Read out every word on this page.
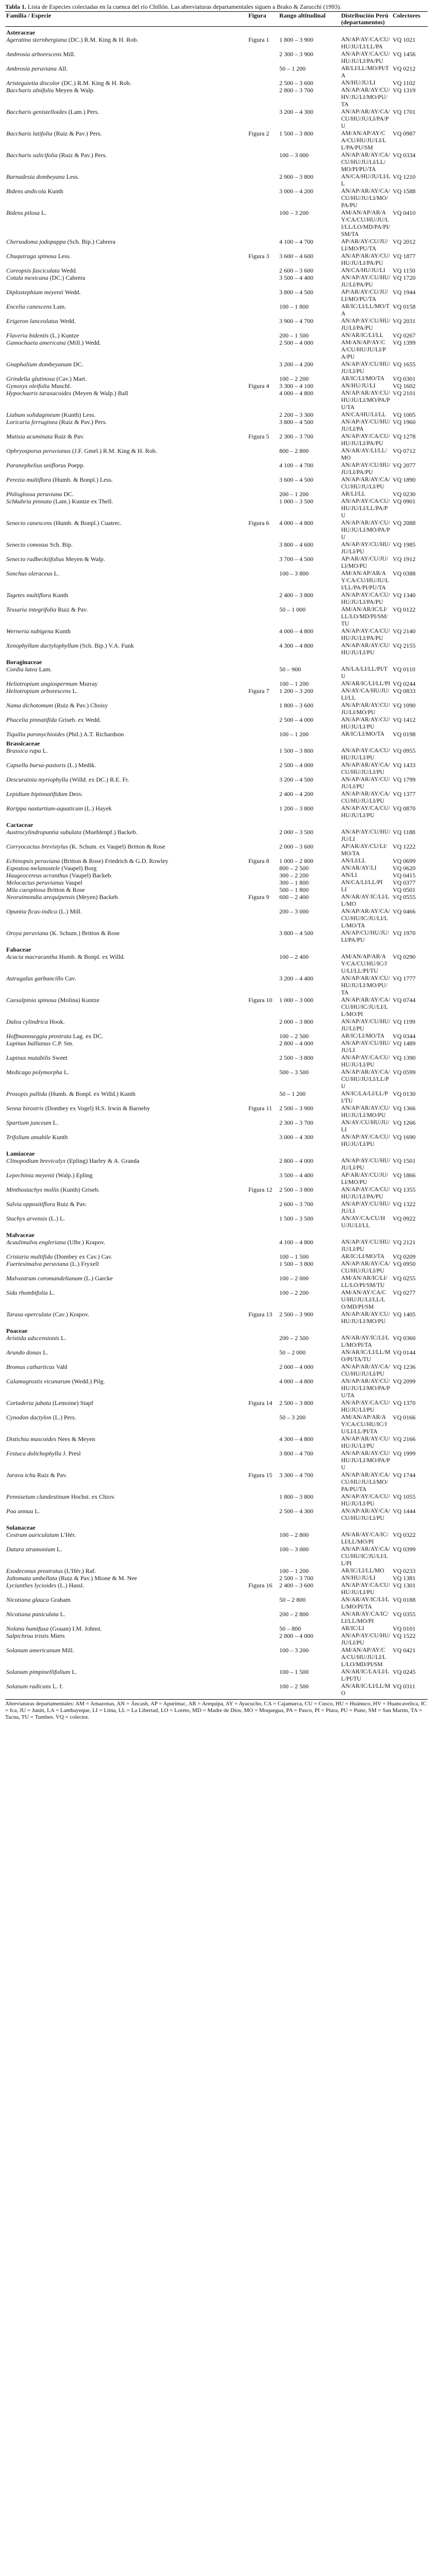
Tabla 1. Lista de Especies colectadas en la cuenca del río Chillón. Las abreviaturas departamentales siguen a Brako & Zarucchi (1993).

Familia / Especie	Figura	Rango altitudinal	Distribución Perú (departamentos)	Colectores
Asteraceae				
Ageratina sternbergiana (DC.) R.M. King & H. Rob.	Figura 1	1 800 – 3 900	AN/AP/AY/CA/CU/HU/JU/LI/LL/PA	VQ 1021
Ambrosia arborescens Mill.		2 300 – 3 900	AN/AP/AY/CA/CU/HU/JU/LI/PA/PU	VQ 1456
Ambrosia peruviana All.		50 – 1 200	AR/LI/LL/MO/PI/TA	VQ 0212
Aristeguietia discolor (DC.) R.M. King & H. Rob.		2 500 – 3 600	AN/HU/JU/LI	VQ 1102
Baccharis alnifolia Meyen & Walp.		2 800 – 3 700	AN/AP/AR/AY/CU/HV/JU/LI/MO/PU/TA	VQ 1319
Baccharis genistelloides (Lam.) Pers.		3 200 – 4 300	AN/AP/AR/AY/CA/CU/HU/JU/LI/PA/PU	VQ 1701
Baccharis latifolia (Ruiz & Pav.) Pers.	Figura 2	1 500 – 3 800	AM/AN/AP/AY/CA/CU/HU/JU/LI/LL/PA/PU/SM	VQ 0987
Baccharis salicifolia (Ruiz & Pav.) Pers.		100 – 3 000	AN/AP/AR/AY/CA/CU/HU/JU/LI/LL/MO/PI/PU/TA	VQ 0334
Barnadesia dombeyana Less.		2 900 – 3 800	AN/CA/HU/JU/LI/LL	VQ 1210
Bidens andicola Kunth		3 000 – 4 200	AN/AP/AR/AY/CA/CU/HU/JU/LI/MO/PA/PU	VQ 1588
Bidens pilosa L.		100 – 3 200	AM/AN/AP/AR/AY/CA/CU/HU/JU/LI/LL/LO/MD/PA/PI/SM/TA	VQ 0410
Chersodoma jodopappa (Sch. Bip.) Cabrera		4 100 – 4 700	AP/AR/AY/CU/JU/LI/MO/PU/TA	VQ 2012
Chuquiraga spinosa Less.	Figura 3	3 600 – 4 600	AN/AP/AR/AY/CU/HU/JU/LI/PA/PU	VQ 1877
Coreopsis fasciculata Wedd.		2 600 – 3 600	AN/CA/HU/JU/LI	VQ 1150
Cotula mexicana (DC.) Cabrera		3 500 – 4 400	AN/AP/AY/CU/HU/JU/LI/PA/PU	VQ 1720
Diplostephium meyenii Wedd.		3 800 – 4 500	AP/AR/AY/CU/JU/LI/MO/PU/TA	VQ 1944
Encelia canescens Lam.		100 – 1 800	AR/IC/LI/LL/MO/TA	VQ 0158
Erigeron lanceolatus Wedd.		3 900 – 4 700	AN/AP/AY/CU/HU/JU/LI/PA/PU	VQ 2031
Flaveria bidentis (L.) Kuntze		200 – 1 500	AN/AR/IC/LI/LL	VQ 0267
Gamochaeta americana (Mill.) Wedd.		2 500 – 4 000	AM/AN/AP/AY/CA/CU/HU/JU/LI/PA/PU	VQ 1399
Gnaphalium dombeyanum DC.		3 200 – 4 200	AN/AP/AY/CU/HU/JU/LI/PU	VQ 1655
Grindelia glutinosa (Cav.) Mart.		100 – 2 200	AR/IC/LI/MO/TA	VQ 0301
Gynoxys oleifolia Muschl.	Figura 4	3 300 – 4 100	AN/HU/JU/LI	VQ 1602
Hypochaeris taraxacoides (Meyen & Walp.) Ball		4 000 – 4 800	AN/AP/AR/AY/CU/HU/JU/LI/MO/PA/PU/TA	VQ 2101
Liabum solidagineum (Kunth) Less.		2 200 – 3 300	AN/CA/HU/LI/LL	VQ 1005
Loricaria ferruginea (Ruiz & Pav.) Pers.		3 800 – 4 500	AN/AP/AY/CU/HU/JU/LI/PA	VQ 1960
Mutisia acuminata Ruiz & Pav.	Figura 5	2 300 – 3 700	AN/AP/AY/CA/CU/HU/JU/LI/PA/PU	VQ 1278
Ophryosporus peruvianus (J.F. Gmel.) R.M. King & H. Rob.		800 – 2 800	AN/AR/AY/LI/LL/MO	VQ 0712
Paranephelius uniflorus Poepp.		4 100 – 4 700	AN/AP/AY/CU/HU/JU/LI/PA/PU	VQ 2077
Perezia multiflora (Humb. & Bonpl.) Less.		3 600 – 4 500	AN/AP/AR/AY/CA/CU/HU/JU/LI/PU	VQ 1890
Philoglossa peruviana DC.		200 – 1 200	AR/LI/LL	VQ 0230
Schkuhria pinnata (Lam.) Kuntze ex Thell.		1 000 – 3 500	AN/AP/AY/CA/CU/HU/JU/LI/LL/PA/PU	VQ 0901
Senecio canescens (Humb. & Bonpl.) Cuatrec.	Figura 6	4 000 – 4 800	AN/AP/AR/AY/CU/HU/JU/LI/MO/PA/PU	VQ 2088
Senecio comosus Sch. Bip.		3 800 – 4 600	AN/AP/AY/CU/HU/JU/LI/PU	VQ 1985
Senecio rudbeckiifolius Meyen & Walp.		3 700 – 4 500	AP/AR/AY/CU/JU/LI/MO/PU	VQ 1912
Sonchus oleraceus L.		100 – 3 800	AM/AN/AP/AR/AY/CA/CU/HU/JU/LI/LL/PA/PI/PU/TA	VQ 0388
Tagetes multiflora Kunth		2 400 – 3 800	AN/AP/AY/CA/CU/HU/JU/LI/PA/PU	VQ 1340
Tessaria integrifolia Ruiz & Pav.		50 – 1 000	AM/AN/AR/IC/LI/LL/LO/MD/PI/SM/TU	VQ 0122
Werneria nubigena Kunth		4 000 – 4 800	AN/AP/AY/CA/CU/HU/JU/LI/PA/PU	VQ 2140
Xenophyllum dactylophyllum (Sch. Bip.) V.A. Funk		4 300 – 4 800	AN/AP/AR/AY/CU/HU/JU/LI/PU	VQ 2155
Boraginaceae				
Cordia lutea Lam.		50 – 900	AN/LA/LI/LL/PI/TU	VQ 0110
Heliotropium angiospermum Murray		100 – 1 200	AN/AR/IC/LI/LL/PI	VQ 0244
Heliotropium arborescens L.	Figura 7	1 200 – 3 200	AN/AY/CA/HU/JU/LI/LL	VQ 0833
Nama dichotomum (Ruiz & Pav.) Choisy		1 800 – 3 600	AN/AP/AR/AY/CU/JU/LI/MO/PU	VQ 1090
Phacelia pinnatifida Griseb. ex Wedd.		2 500 – 4 000	AN/AP/AR/AY/CU/HU/JU/LI/PU	VQ 1412
Tiquilia paronychioides (Phil.) A.T. Richardson		100 – 1 200	AR/IC/LI/MO/TA	VQ 0198
Brassicaceae				
Brassica rapa L.		1 500 – 3 800	AN/AP/AY/CA/CU/HU/JU/LI/PU	VQ 0955
Capsella bursa-pastoris (L.) Medik.		2 500 – 4 000	AN/AP/AR/AY/CA/CU/HU/JU/LI/PU	VQ 1433
Descurainia myriophylla (Willd. ex DC.) R.E. Fr.		3 200 – 4 500	AN/AP/AR/AY/CU/JU/LI/PU	VQ 1799
Lepidium bipinnatifidum Desv.		2 400 – 4 200	AN/AP/AR/AY/CA/CU/HU/JU/LI/PU	VQ 1377
Rorippa nasturtium-aquaticum (L.) Hayek		1 200 – 3 800	AN/AP/AY/CA/CU/HU/JU/LI/PU	VQ 0870
Cactaceae				
Austrocylindropuntia subulata (Muehlenpf.) Backeb.		2 000 – 3 500	AN/AP/AY/CU/HU/JU/LI	VQ 1188
Corryocactus brevistylus (K. Schum. ex Vaupel) Britton & Rose		2 000 – 3 600	AP/AR/AY/CU/LI/MO/TA	VQ 1222
Echinopsis peruviana (Britton & Rose) Friedrich & G.D. Rowley	Figura 8	1 000 – 2 800	AN/LI/LL	VQ 0699
Espostoa melanostele (Vaupel) Borg		800 – 2 500	AN/AR/AY/LI	VQ 0620
Haageocereus acranthus (Vaupel) Backeb.		300 – 2 200	AN/LI	VQ 0415
Melocactus peruvianus Vaupel		300 – 1 800	AN/CA/LI/LL/PI	VQ 0377
Mila caespitosa Britton & Rose		500 – 1 800	LI	VQ 0501
Neoraimondia arequipensis (Meyen) Backeb.	Figura 9	600 – 2 400	AN/AR/AY/IC/LI/LL/MO	VQ 0555
Opuntia ficus-indica (L.) Mill.		200 – 3 000	AN/AP/AR/AY/CA/CU/HU/IC/JU/LI/LL/MO/TA	VQ 0466
Oroya peruviana (K. Schum.) Britton & Rose		3 800 – 4 500	AN/AP/CU/HU/JU/LI/PA/PU	VQ 1970
Fabaceae				
Acacia macracantha Humb. & Bonpl. ex Willd.		100 – 2 400	AM/AN/AP/AR/AY/CA/CU/HU/IC/JU/LI/LL/PI/TU	VQ 0290
Astragalus garbancillo Cav.		3 200 – 4 400	AN/AP/AR/AY/CU/HU/JU/LI/MO/PU/TA	VQ 1777
Caesalpinia spinosa (Molina) Kuntze	Figura 10	1 000 – 3 000	AN/AP/AR/AY/CA/CU/HU/IC/JU/LI/LL/MO/PI	VQ 0744
Dalea cylindrica Hook.		2 000 – 3 800	AN/AP/AY/CU/HU/JU/LI/PU	VQ 1199
Hoffmannseggia prostrata Lag. ex DC.		100 – 2 500	AR/IC/LI/MO/TA	VQ 0344
Lupinus ballianus C.P. Sm.		2 800 – 4 000	AN/AP/AY/CU/HU/JU/LI	VQ 1489
Lupinus mutabilis Sweet		2 500 – 3 800	AN/AP/AY/CA/CU/HU/JU/LI/PU	VQ 1390
Medicago polymorpha L.		500 – 3 500	AN/AP/AR/AY/CA/CU/HU/JU/LI/LL/PU	VQ 0599
Prosopis pallida (Humb. & Bonpl. ex Willd.) Kunth		50 – 1 200	AN/IC/LA/LI/LL/PI/TU	VQ 0130
Senna birostris (Dombey ex Vogel) H.S. Irwin & Barneby	Figura 11	2 500 – 3 900	AN/AP/AR/AY/CU/HU/JU/LI/MO/PU	VQ 1366
Spartium junceum L.		2 300 – 3 700	AN/AY/CU/HU/JU/LI	VQ 1266
Trifolium amabile Kunth		3 000 – 4 300	AN/AP/AY/CA/CU/HU/JU/LI/PU	VQ 1690
Lamiaceae				
Clinopodium brevicalyx (Epling) Harley & A. Granda		2 800 – 4 000	AN/AP/AY/CU/HU/JU/LI/PU	VQ 1501
Lepechinia meyenii (Walp.) Epling		3 500 – 4 400	AP/AR/AY/CU/JU/LI/MO/PU	VQ 1866
Minthostachys mollis (Kunth) Griseb.	Figura 12	2 500 – 3 800	AN/AP/AY/CA/CU/HU/JU/LI/PA/PU	VQ 1355
Salvia oppositiflora Ruiz & Pav.		2 600 – 3 700	AN/AP/AY/CU/HU/JU/LI	VQ 1322
Stachys arvensis (L.) L.		1 500 – 3 500	AN/AY/CA/CU/HU/JU/LI/LL	VQ 0922
Malvaceae				
Acaulimalva engleriana (Ulbr.) Krapov.		4 100 – 4 800	AN/AP/AY/CU/HU/JU/LI/PU	VQ 2121
Cristaria multifida (Dombey ex Cav.) Cav.		100 – 1 500	AR/IC/LI/MO/TA	VQ 0209
Fuertesimalva peruviana (L.) Fryxell		1 500 – 3 800	AN/AP/AR/AY/CA/CU/HU/JU/LI/PU	VQ 0950
Malvastrum coromandelianum (L.) Garcke		100 – 2 000	AM/AN/AR/IC/LI/LL/LO/PI/SM/TU	VQ 0255
Sida rhombifolia L.		100 – 2 200	AM/AN/AY/CA/CU/HU/JU/LI/LL/LO/MD/PI/SM	VQ 0277
Tarasa operculata (Cav.) Krapov.	Figura 13	2 500 – 3 900	AN/AP/AR/AY/CU/HU/JU/LI/MO/PU	VQ 1405
Poaceae				
Aristida adscensionis L.		200 – 2 500	AN/AR/AY/IC/LI/LL/MO/PI/TA	VQ 0360
Arundo donax L.		50 – 2 000	AN/AR/IC/LI/LL/MO/PI/TA/TU	VQ 0144
Bromus catharticus Vahl		2 000 – 4 000	AN/AP/AR/AY/CA/CU/HU/JU/LI/PU	VQ 1236
Calamagrostis vicunarum (Wedd.) Pilg.		4 000 – 4 800	AN/AP/AR/AY/CU/HU/JU/LI/MO/PA/PU/TA	VQ 2099
Cortaderia jubata (Lemoine) Stapf	Figura 14	2 500 – 3 800	AN/AP/AY/CA/CU/HU/JU/LI/PU	VQ 1370
Cynodon dactylon (L.) Pers.		50 – 3 200	AM/AN/AP/AR/AY/CA/CU/HU/IC/JU/LI/LL/PI/TA	VQ 0166
Distichia muscoides Nees & Meyen		4 300 – 4 800	AN/AP/AR/AY/CU/HU/JU/LI/PU	VQ 2166
Festuca dolichophylla J. Presl		3 800 – 4 700	AN/AP/AR/AY/CU/HU/JU/LI/MO/PA/PU	VQ 1999
Jarava ichu Ruiz & Pav.	Figura 15	3 300 – 4 700	AN/AP/AR/AY/CA/CU/HU/JU/LI/MO/PA/PU/TA	VQ 1744
Pennisetum clandestinum Hochst. ex Chiov.		1 800 – 3 800	AN/AP/AY/CA/CU/HU/JU/LI/PU	VQ 1055
Poa annua L.		2 500 – 4 300	AN/AP/AR/AY/CA/CU/HU/JU/LI/PU	VQ 1444
Solanaceae				
Cestrum auriculatum L'Hér.		100 – 2 800	AN/AR/AY/CA/IC/LI/LL/MO/PI	VQ 0322
Datura stramonium L.		100 – 3 000	AN/AP/AR/AY/CA/CU/HU/IC/JU/LI/LL/PI	VQ 0399
Exodeconus prostratus (L'Hér.) Raf.		100 – 1 200	AR/IC/LI/LL/MO	VQ 0233
Jaltomata umbellata (Ruiz & Pav.) Mione & M. Nee		2 500 – 3 700	AN/HU/JU/LI	VQ 1381
Lycianthes lycioides (L.) Hassl.	Figura 16	2 400 – 3 600	AN/AP/AY/CA/CU/HU/JU/LI/PU	VQ 1301
Nicotiana glauca Graham		50 – 2 800	AN/AR/AY/IC/LI/LL/MO/PI/TA	VQ 0188
Nicotiana paniculata L.		200 – 2 800	AN/AR/AY/CA/IC/LI/LL/MO/PI	VQ 0355
Nolana humifusa (Gouan) I.M. Johnst.		50 – 800	AR/IC/LI	VQ 0101
Salpichroa tristis Miers		2 800 – 4 000	AN/AP/AY/CU/HU/JU/LI/PU	VQ 1522
Solanum americanum Mill.		100 – 3 200	AM/AN/AP/AY/CA/CU/HU/JU/LI/LL/LO/MD/PI/SM	VQ 0421
Solanum pimpinellifolium L.		100 – 1 500	AN/AR/IC/LA/LI/LL/PI/TU	VQ 0245
Solanum radicans L. f.		100 – 2 500	AN/AR/IC/LI/LL/MO	VQ 0311
Abreviaturas departamentales: AM = Amazonas, AN = Áncash, AP = Apurímac, AR = Arequipa, AY = Ayacucho, CA = Cajamarca, CU = Cusco, HU = Huánuco, HV = Huancavelica, IC = Ica, JU = Junín, LA = Lambayeque, LI = Lima, LL = La Libertad, LO = Loreto, MD = Madre de Dios, MO = Moquegua, PA = Pasco, PI = Piura, PU = Puno, SM = San Martín, TA = Tacna, TU = Tumbes. VQ = colector.
